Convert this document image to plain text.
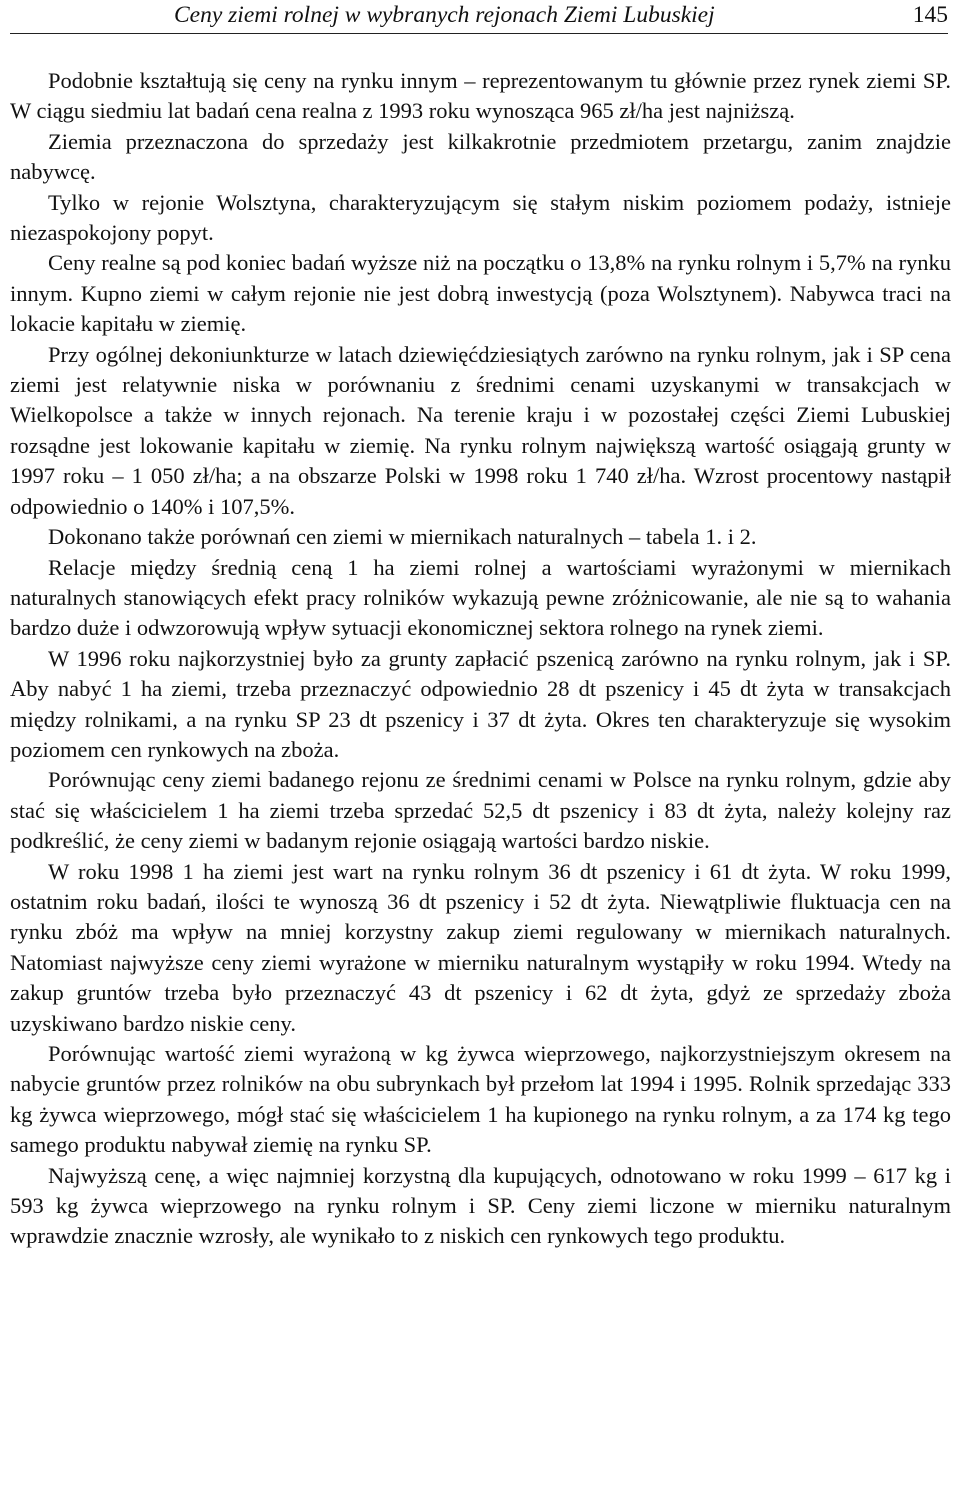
Ceny ziemi rolnej w wybranych rejonach Ziemi Lubuskiej	145

Podobnie kształtują się ceny na rynku innym – reprezentowanym tu głównie przez rynek ziemi SP. W ciągu siedmiu lat badań cena realna z 1993 roku wynosząca 965 zł/ha jest najniższą.

Ziemia przeznaczona do sprzedaży jest kilkakrotnie przedmiotem przetargu, zanim znajdzie nabywcę.

Tylko w rejonie Wolsztyna, charakteryzującym się stałym niskim poziomem podaży, istnieje niezaspokojony popyt.

Ceny realne są pod koniec badań wyższe niż na początku o 13,8% na rynku rolnym i 5,7% na rynku innym. Kupno ziemi w całym rejonie nie jest dobrą inwestycją (poza Wolsztynem). Nabywca traci na lokacie kapitału w ziemię.

Przy ogólnej dekoniunkturze w latach dziewięćdziesiątych zarówno na rynku rolnym, jak i SP cena ziemi jest relatywnie niska w porównaniu z średnimi cenami uzyskanymi w transakcjach w Wielkopolsce a także w innych rejonach. Na terenie kraju i w pozostałej części Ziemi Lubuskiej rozsądne jest lokowanie kapitału w ziemię. Na rynku rolnym największą wartość osiągają grunty w 1997 roku – 1 050 zł/ha; a na obszarze Polski w 1998 roku 1 740 zł/ha. Wzrost procentowy nastąpił odpowiednio o 140% i 107,5%.

Dokonano także porównań cen ziemi w miernikach naturalnych – tabela 1. i 2.

Relacje między średnią ceną 1 ha ziemi rolnej a wartościami wyrażonymi w miernikach naturalnych stanowiących efekt pracy rolników wykazują pewne zróżnicowanie, ale nie są to wahania bardzo duże i odwzorowują wpływ sytuacji ekonomicznej sektora rolnego na rynek ziemi.

W 1996 roku najkorzystniej było za grunty zapłacić pszenicą zarówno na rynku rolnym, jak i SP. Aby nabyć 1 ha ziemi, trzeba przeznaczyć odpowiednio 28 dt pszenicy i 45 dt żyta w transakcjach między rolnikami, a na rynku SP 23 dt pszenicy i 37 dt żyta. Okres ten charakteryzuje się wysokim poziomem cen rynkowych na zboża.

Porównując ceny ziemi badanego rejonu ze średnimi cenami w Polsce na rynku rolnym, gdzie aby stać się właścicielem 1 ha ziemi trzeba sprzedać 52,5 dt pszenicy i 83 dt żyta, należy kolejny raz podkreślić, że ceny ziemi w badanym rejonie osiągają wartości bardzo niskie.

W roku 1998 1 ha ziemi jest wart na rynku rolnym 36 dt pszenicy i 61 dt żyta. W roku 1999, ostatnim roku badań, ilości te wynoszą 36 dt pszenicy i 52 dt żyta. Niewątpliwie fluktuacja cen na rynku zbóż ma wpływ na mniej korzystny zakup ziemi regulowany w miernikach naturalnych. Natomiast najwyższe ceny ziemi wyrażone w mierniku naturalnym wystąpiły w roku 1994. Wtedy na zakup gruntów trzeba było przeznaczyć 43 dt pszenicy i 62 dt żyta, gdyż ze sprzedaży zboża uzyskiwano bardzo niskie ceny.

Porównując wartość ziemi wyrażoną w kg żywca wieprzowego, najkorzystniejszym okresem na nabycie gruntów przez rolników na obu subrynkach był przełom lat 1994 i 1995. Rolnik sprzedając 333 kg żywca wieprzowego, mógł stać się właścicielem 1 ha kupionego na rynku rolnym, a za 174 kg tego samego produktu nabywał ziemię na rynku SP.

Najwyższą cenę, a więc najmniej korzystną dla kupujących, odnotowano w roku 1999 – 617 kg i 593 kg żywca wieprzowego na rynku rolnym i SP. Ceny ziemi liczone w mierniku naturalnym wprawdzie znacznie wzrosły, ale wynikało to z niskich cen rynkowych tego produktu.
